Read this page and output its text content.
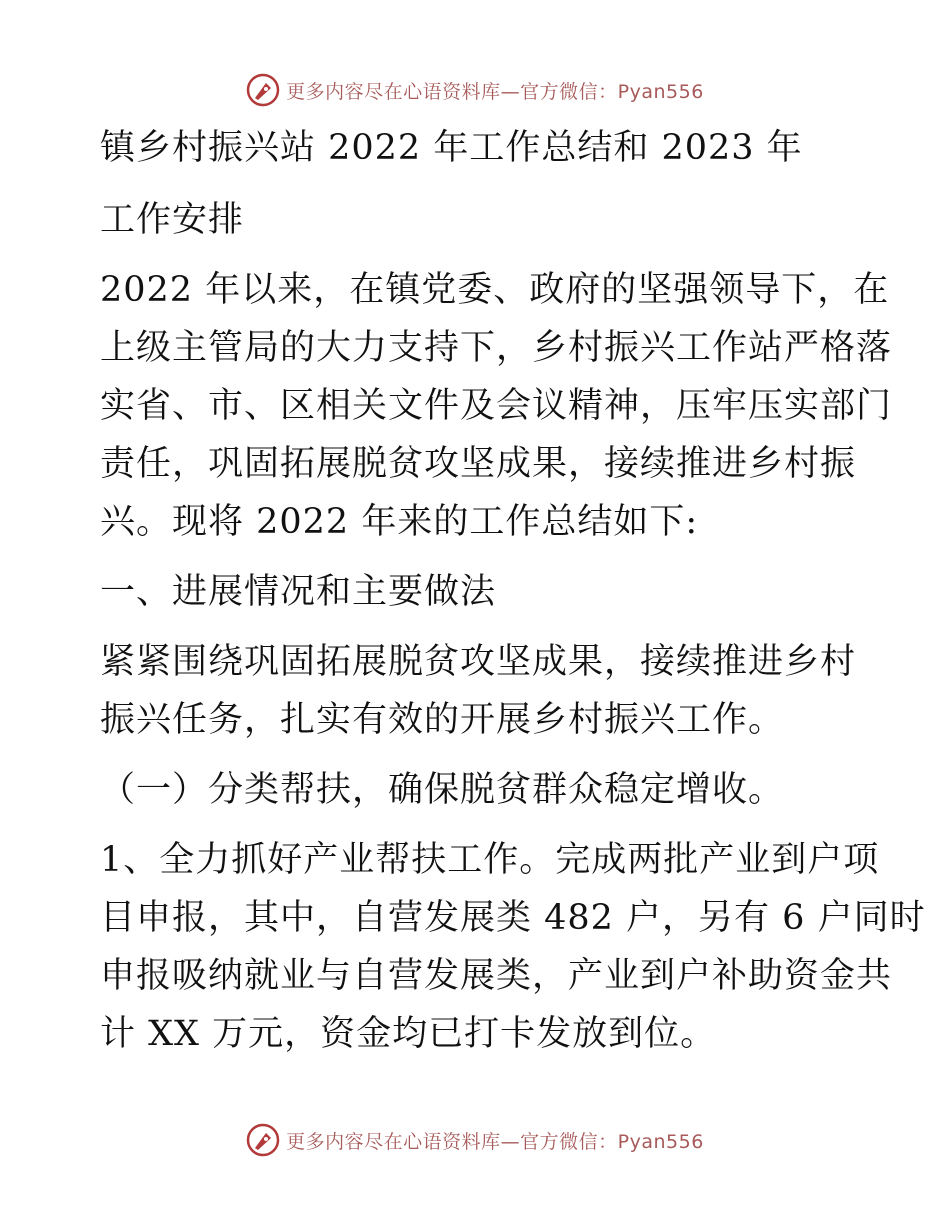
更多内容尽在心语资料库—官方微信：Pyan556
镇乡村振兴站 2022 年工作总结和 2023 年
工作安排
2022 年以来，在镇党委、政府的坚强领导下，在
上级主管局的大力支持下，乡村振兴工作站严格落
实省、市、区相关文件及会议精神，压牢压实部门
责任，巩固拓展脱贫攻坚成果，接续推进乡村振
兴。现将 2022 年来的工作总结如下:
一、进展情况和主要做法
紧紧围绕巩固拓展脱贫攻坚成果，接续推进乡村
振兴任务，扎实有效的开展乡村振兴工作。
（一）分类帮扶，确保脱贫群众稳定增收。
1、全力抓好产业帮扶工作。完成两批产业到户项
目申报，其中，自营发展类 482 户，另有 6 户同时
申报吸纳就业与自营发展类，产业到户补助资金共
计 XX 万元，资金均已打卡发放到位。
更多内容尽在心语资料库—官方微信：Pyan556
